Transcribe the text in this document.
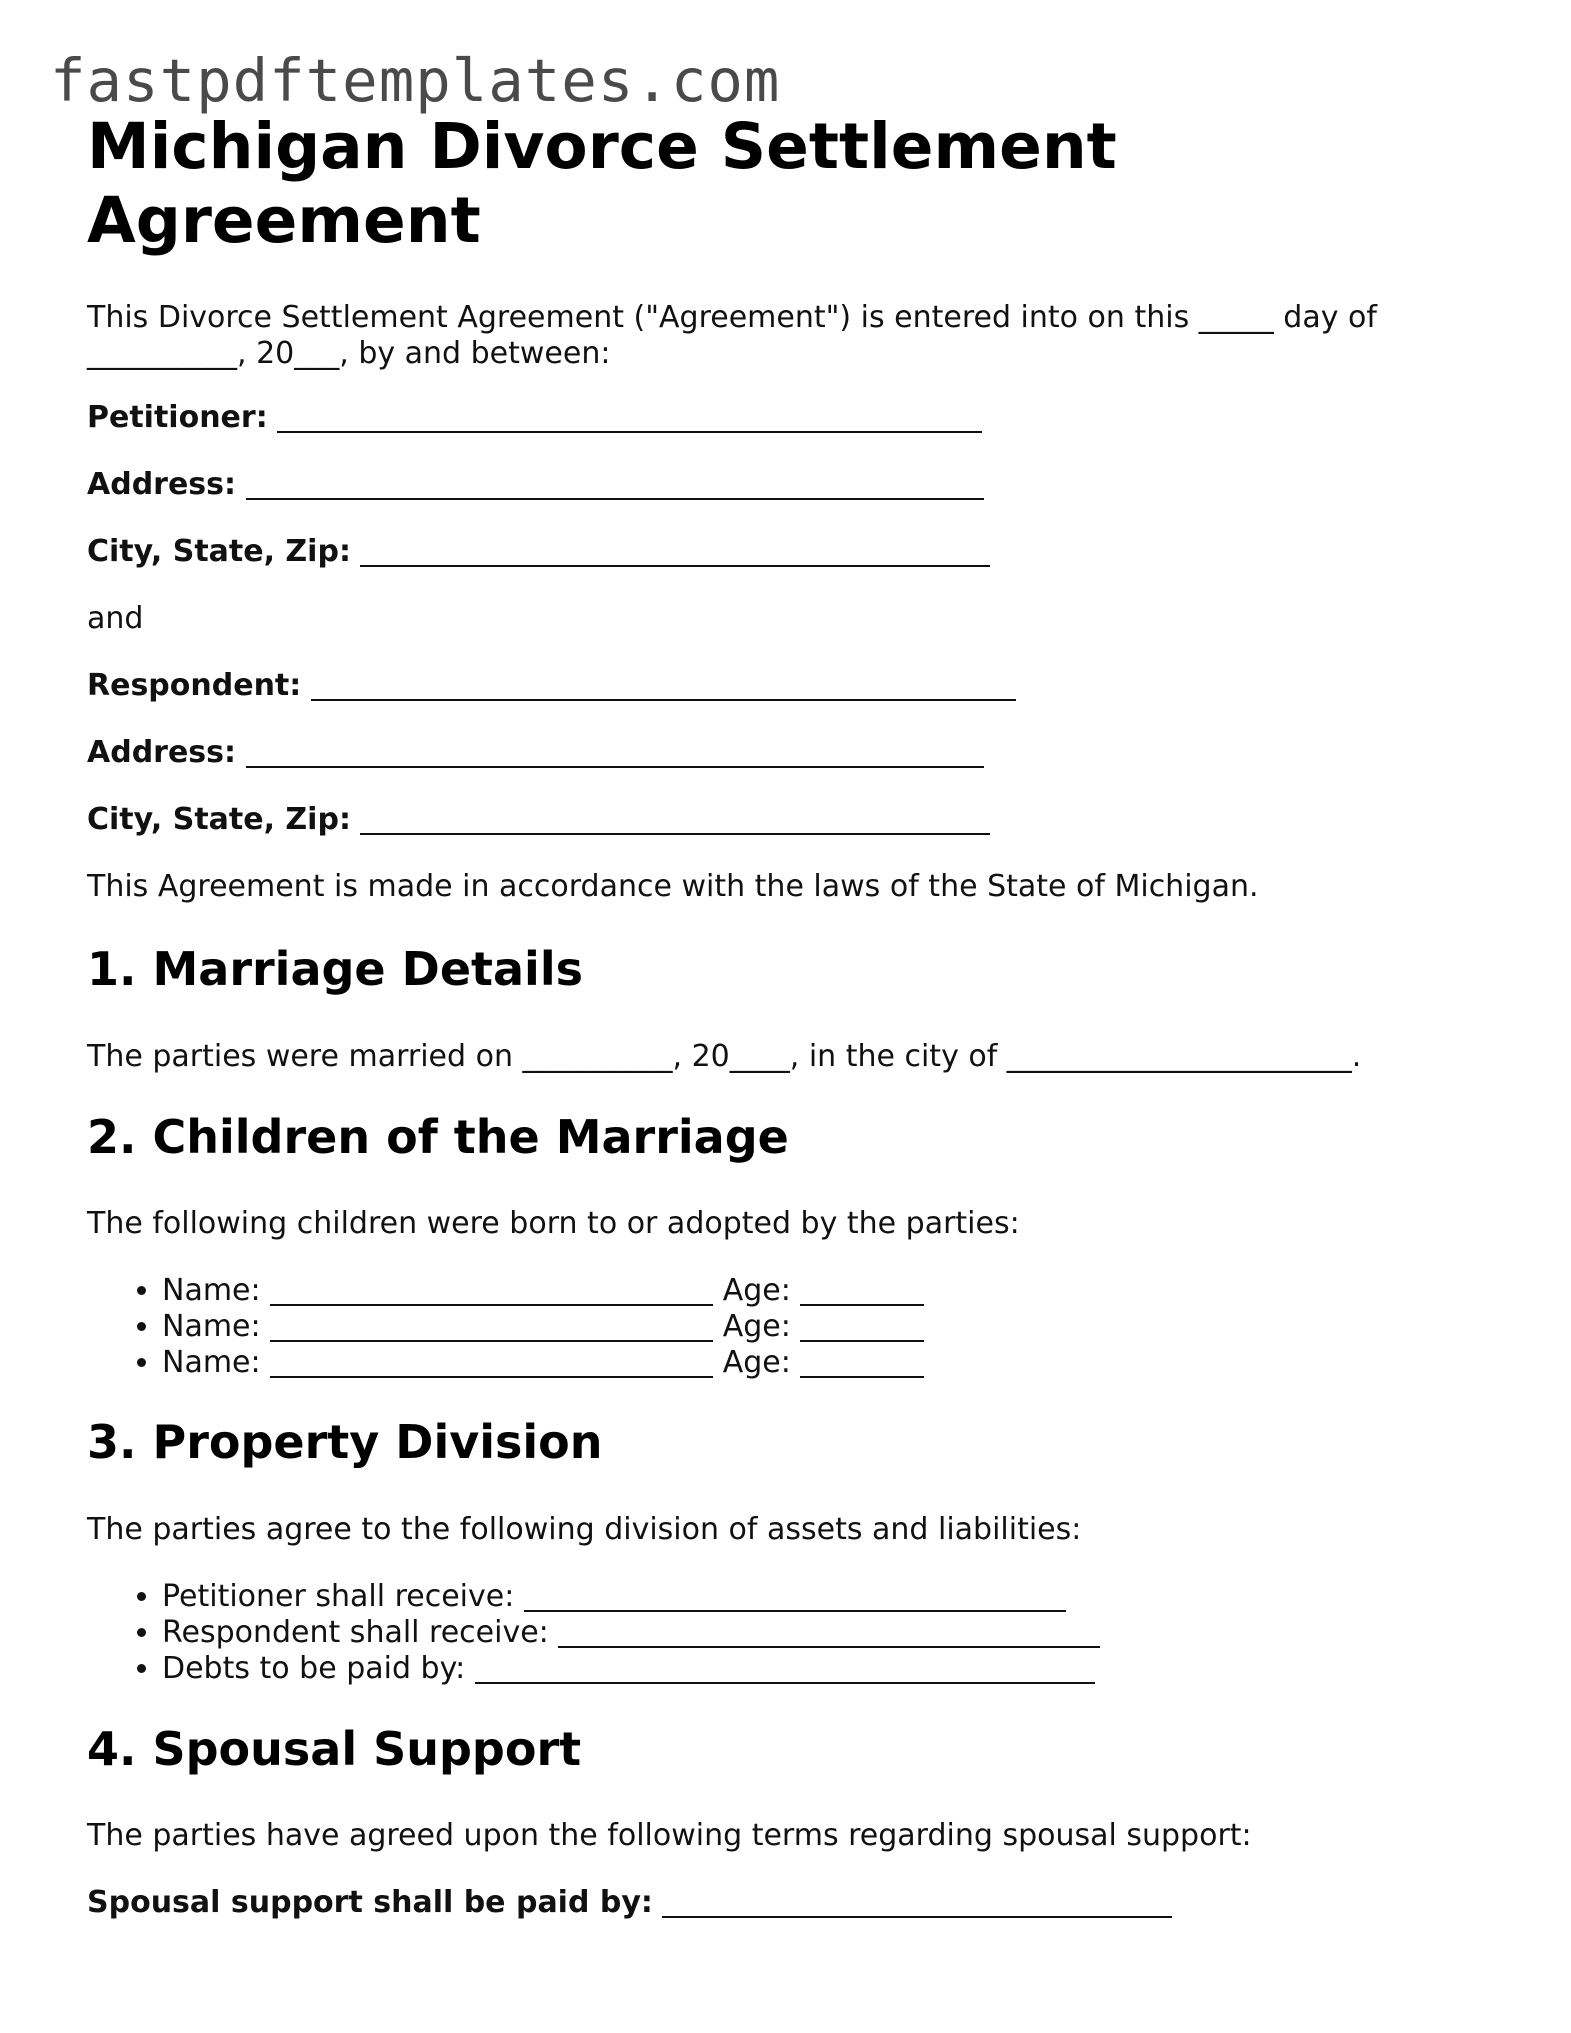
fastpdftemplates.com
Michigan Divorce Settlement Agreement

This Divorce Settlement Agreement ("Agreement") is entered into on this _____ day of __________, 20___, by and between:

Petitioner:
Address:
City, State, Zip:
and
Respondent:
Address:
City, State, Zip:
This Agreement is made in accordance with the laws of the State of Michigan.
1. Marriage Details
The parties were married on __________, 20____, in the city of _______________________.
2. Children of the Marriage
The following children were born to or adopted by the parties:
• Name:	Age:
• Name:	Age:
• Name:	Age:
3. Property Division
The parties agree to the following division of assets and liabilities:
• Petitioner shall receive:
• Respondent shall receive:
• Debts to be paid by:
4. Spousal Support
The parties have agreed upon the following terms regarding spousal support:
Spousal support shall be paid by:
